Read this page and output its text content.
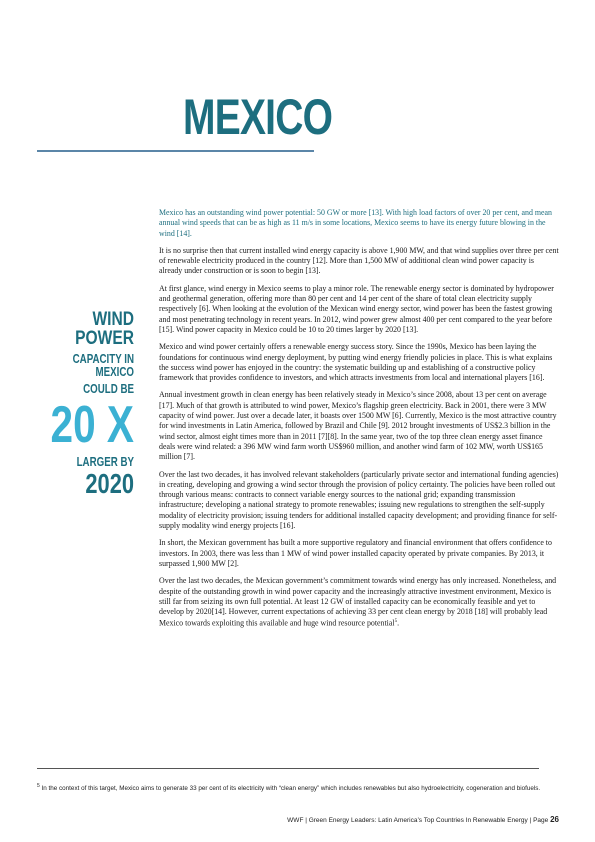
MEXICO
WIND POWER
CAPACITY IN MEXICO
COULD BE
20 X
LARGER BY
2020

Mexico has an outstanding wind power potential: 50 GW or more [13]. With high load factors of over 20 per cent, and mean annual wind speeds that can be as high as 11 m/s in some locations, Mexico seems to have its energy future blowing in the wind [14].

It is no surprise then that current installed wind energy capacity is above 1,900 MW, and that wind supplies over three per cent of renewable electricity produced in the country [12]. More than 1,500 MW of additional clean wind power capacity is already under construction or is soon to begin [13].

At first glance, wind energy in Mexico seems to play a minor role. The renewable energy sector is dominated by hydropower and geothermal generation, offering more than 80 per cent and 14 per cent of the share of total clean electricity supply respectively [6]. When looking at the evolution of the Mexican wind energy sector, wind power has been the fastest growing and most penetrating technology in recent years. In 2012, wind power grew almost 400 per cent compared to the year before [15]. Wind power capacity in Mexico could be 10 to 20 times larger by 2020 [13].

Mexico and wind power certainly offers a renewable energy success story. Since the 1990s, Mexico has been laying the foundations for continuous wind energy deployment, by putting wind energy friendly policies in place. This is what explains the success wind power has enjoyed in the country: the systematic building up and establishing of a constructive policy framework that provides confidence to investors, and which attracts investments from local and international players [16].

Annual investment growth in clean energy has been relatively steady in Mexico’s since 2008, about 13 per cent on average [17]. Much of that growth is attributed to wind power, Mexico’s flagship green electricity. Back in 2001, there were 3 MW capacity of wind power. Just over a decade later, it boasts over 1500 MW [6]. Currently, Mexico is the most attractive country for wind investments in Latin America, followed by Brazil and Chile [9]. 2012 brought investments of US$2.3 billion in the wind sector, almost eight times more than in 2011 [7][8]. In the same year, two of the top three clean energy asset finance deals were wind related: a 396 MW wind farm worth US$960 million, and another wind farm of 102 MW, worth US$165 million [7].

Over the last two decades, it has involved relevant stakeholders (particularly private sector and international funding agencies) in creating, developing and growing a wind sector through the provision of policy certainty. The policies have been rolled out through various means: contracts to connect variable energy sources to the national grid; expanding transmission infrastructure; developing a national strategy to promote renewables; issuing new regulations to strengthen the self-supply modality of electricity provision; issuing tenders for additional installed capacity development; and providing finance for self-supply modality wind energy projects [16].

In short, the Mexican government has built a more supportive regulatory and financial environment that offers confidence to investors. In 2003, there was less than 1 MW of wind power installed capacity operated by private companies. By 2013, it surpassed 1,900 MW [2].

Over the last two decades, the Mexican government’s commitment towards wind energy has only increased. Nonetheless, and despite of the outstanding growth in wind power capacity and the increasingly attractive investment environment, Mexico is still far from seizing its own full potential. At least 12 GW of installed capacity can be economically feasible and yet to develop by 2020[14]. However, current expectations of achieving 33 per cent clean energy by 2018 [18] will probably lead Mexico towards exploiting this available and huge wind resource potential$^5$.

$^5$ In the context of this target, Mexico aims to generate 33 per cent of its electricity with “clean energy” which includes renewables but also hydroelectricity, cogeneration and biofuels.
WWF | Green Energy Leaders: Latin America’s Top Countries In Renewable Energy | Page 26
